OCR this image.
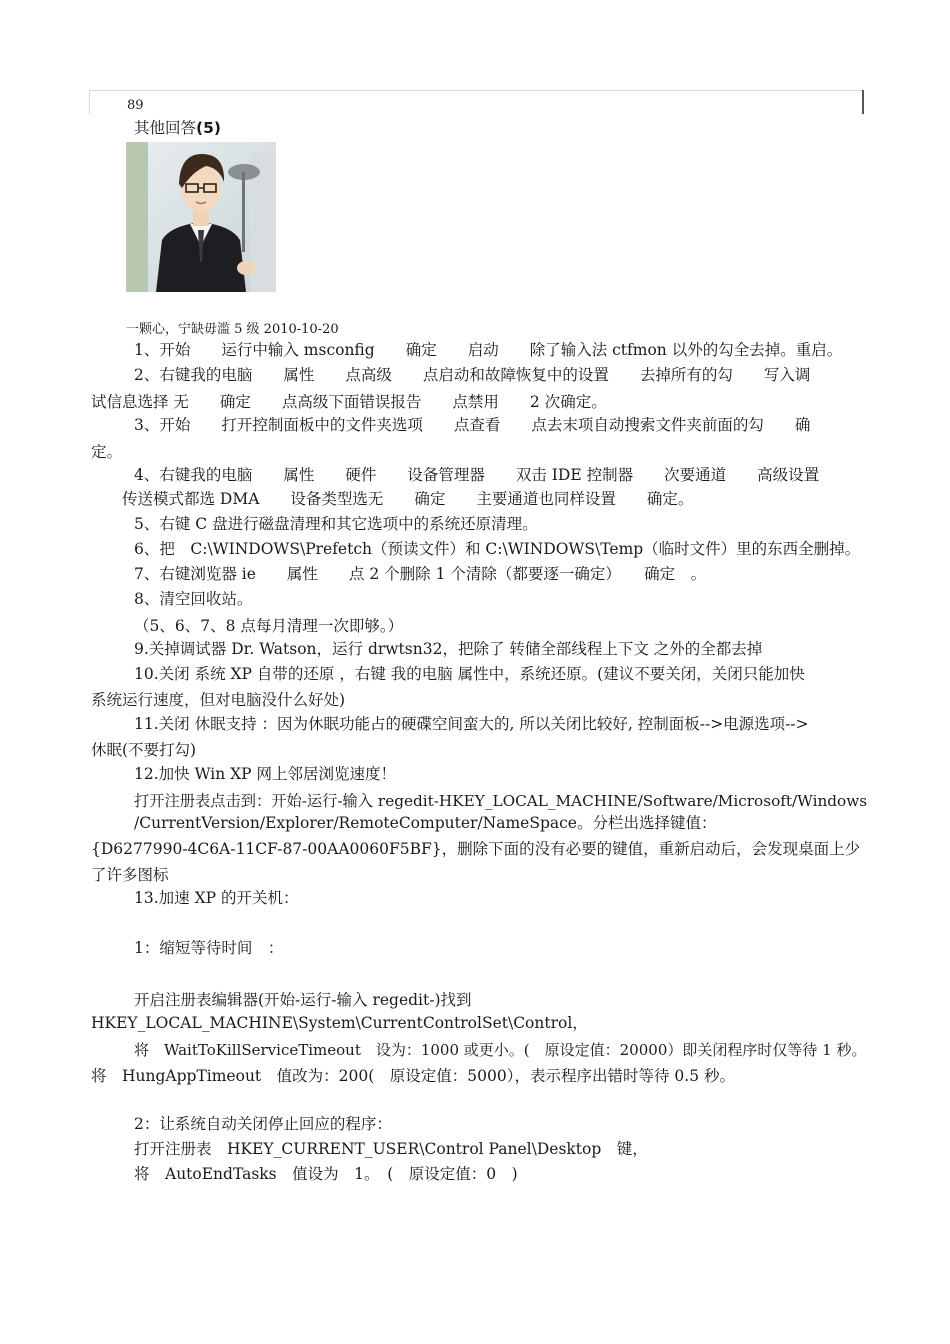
89
其他回答(5)
一颗心，宁缺毋滥 5 级 2010-10-20
1、开始　　运行中输入 msconfig　　确定　　启动　　除了输入法 ctfmon 以外的勾全去掉。重启。
2、右键我的电脑　　属性　　点高级　　点启动和故障恢复中的设置　　去掉所有的勾　　写入调
试信息选择 无　　确定　　点高级下面错误报告　　点禁用　　2 次确定。
3、开始　　打开控制面板中的文件夹选项　　点查看　　点去末项自动搜索文件夹前面的勾　　确
定。
4、右键我的电脑　　属性　　硬件　　设备管理器　　双击 IDE 控制器　　次要通道　　高级设置
传送模式都选 DMA　　设备类型选无　　确定　　主要通道也同样设置　　确定。
5、右键 C 盘进行磁盘清理和其它选项中的系统还原清理。
6、把　C:\WINDOWS\Prefetch（预读文件）和 C:\WINDOWS\Temp（临时文件）里的东西全删掉。
7、右键浏览器 ie　　属性　　点 2 个删除 1 个清除（都要逐一确定）　　确定　。
8、清空回收站。
（5、6、7、8 点每月清理一次即够。）
9.关掉调试器 Dr. Watson，运行 drwtsn32，把除了 转储全部线程上下文 之外的全都去掉
10.关闭 系统 XP 自带的还原 ，右键 我的电脑 属性中，系统还原。(建议不要关闭，关闭只能加快
系统运行速度，但对电脑没什么好处)
11.关闭 休眠支持 ：因为休眠功能占的硬碟空间蛮大的, 所以关闭比较好, 控制面板-->电源选项-->
休眠(不要打勾)
12.加快 Win XP 网上邻居浏览速度！
打开注册表点击到：开始-运行-输入 regedit-HKEY_LOCAL_MACHINE/Software/Microsoft/Windows
/CurrentVersion/Explorer/RemoteComputer/NameSpace。分栏出选择键值：
{D6277990-4C6A-11CF-87-00AA0060F5BF}，删除下面的没有必要的键值，重新启动后，会发现桌面上少
了许多图标
13.加速 XP 的开关机：
1：缩短等待时间　：
开启注册表编辑器(开始-运行-输入 regedit-)找到
HKEY_LOCAL_MACHINE\System\CurrentControlSet\Control，
将　WaitToKillServiceTimeout　设为：1000 或更小。(　原设定值：20000）即关闭程序时仅等待 1 秒。
将　HungAppTimeout　值改为：200(　原设定值：5000），表示程序出错时等待 0.5 秒。
2：让系统自动关闭停止回应的程序：
打开注册表　HKEY_CURRENT_USER\Control Panel\Desktop　键，
将　AutoEndTasks　值设为　1。　(　原设定值：0　)
